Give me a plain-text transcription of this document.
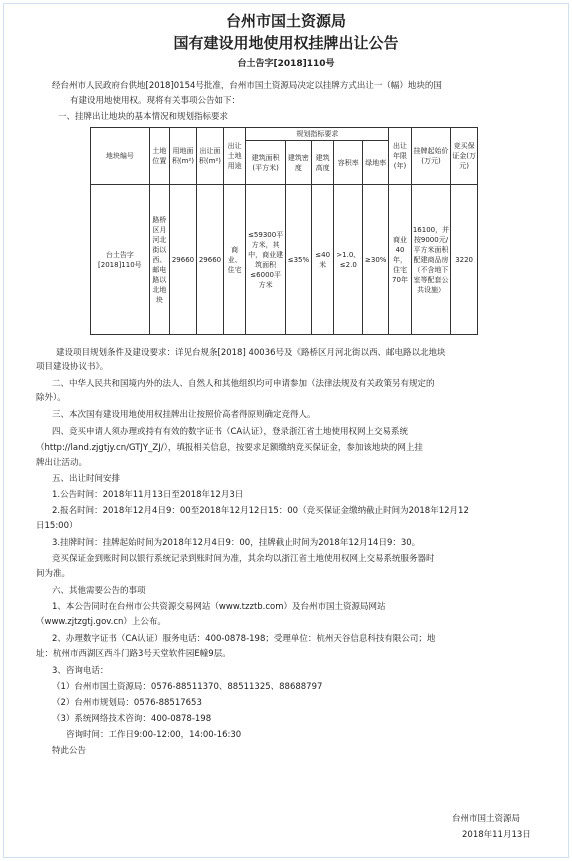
台州市国土资源局
国有建设用地使用权挂牌出让公告
台土告字[2018]110号
经台州市人民政府台供地[2018]0154号批准，台州市国土资源局决定以挂牌方式出让一（幅）地块的国
有建设用地使用权。现将有关事项公告如下：
一、挂牌出让地块的基本情况和规划指标要求
地块编号	土地位置	用地面积(m²)	出让面积(m²)	出让土地用途	规划指标要求					出让年限(年)	挂牌起始价(万元)	竞买保证金(万元)
					建筑面积(平方米)	建筑密度	建筑高度	容积率	绿地率			
台土告字[2018]110号	路桥区月河北街以西、邮电路以北地块	29660	29660	商业、住宅	≤59300平方米，其中，商业建筑面积≤6000平方米	≤35%	≤40米	>1.0、≤2.0	≥30%	商业40年，住宅70年	16100，并按9000元/平方米面积配建商品房（不含地下室等配套公共设施）	3220
建设项目规划条件及建设要求：详见台规条[2018] 40036号及《路桥区月河北街以西、邮电路以北地块
项目建设协议书》。
二、中华人民共和国境内外的法人、自然人和其他组织均可申请参加（法律法规及有关政策另有规定的
除外）。
三、本次国有建设用地使用权挂牌出让按照价高者得原则确定竞得人。
四、竞买申请人须办理或持有有效的数字证书（CA认证），登录浙江省土地使用权网上交易系统
（http://land.zjgtjy.cn/GTJY_ZJ/），填报相关信息，按要求足额缴纳竞买保证金，参加该地块的网上挂
牌出让活动。
五、出让时间安排
1.公告时间：2018年11月13日至2018年12月3日
2.报名时间：2018年12月4日9：00至2018年12月12日15：00（竞买保证金缴纳截止时间为2018年12月12
日15:00）
3.挂牌时间：挂牌起始时间为2018年12月4日9：00，挂牌截止时间为2018年12月14日9：30。
竞买保证金到账时间以银行系统记录到账时间为准，其余均以浙江省土地使用权网上交易系统服务器时
间为准。
六、其他需要公告的事项
1、本公告同时在台州市公共资源交易网站（www.tzztb.com）及台州市国土资源局网站
（www.zjtzgtj.gov.cn）上公布。
2、办理数字证书（CA认证）服务电话：400-0878-198；受理单位：杭州天谷信息科技有限公司；地
址：杭州市西湖区西斗门路3号天堂软件园E幢9层。
3、咨询电话：
（1）台州市国土资源局：0576-88511370、88511325、88688797
（2）台州市规划局：0576-88517653
（3）系统网络技术咨询：400-0878-198
咨询时间：工作日9:00-12:00，14:00-16:30
特此公告
台州市国土资源局
2018年11月13日
